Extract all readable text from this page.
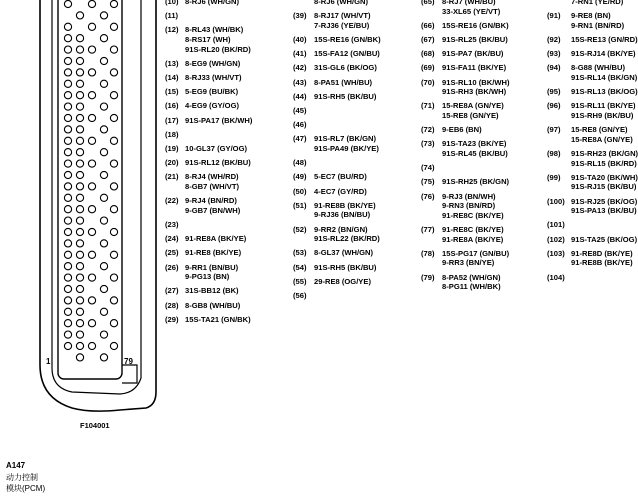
1	79
F104001
(10) 8-RJ6 (WH/GN)
(11)
(12) 8-RL43 (WH/BK)
8-RS17 (WH)
91S-RL20 (BK/RD)
(13) 8-EG9 (WH/GN)
(14) 8-RJ33 (WH/VT)
(15) 5-EG9 (BU/BK)
(16) 4-EG9 (GY/OG)
(17) 91S-PA17 (BK/WH)
(18)
(19) 10-GL37 (GY/OG)
(20) 91S-RL12 (BK/BU)
(21) 8-RJ4 (WH/RD)
8-GB7 (WH/VT)
(22) 9-RJ4 (BN/RD)
9-GB7 (BN/WH)
(23)
(24) 91-RE8A (BK/YE)
(25) 91-RE8 (BK/YE)
(26) 9-RR1 (BN/BU)
9-PG13 (BN)
(27) 31S-BB12 (BK)
(28) 8-GB8 (WH/BU)
(29) 15S-TA21 (GN/BK)
8-RJ6 (WH/GN)
(39) 8-RJ17 (WH/VT)
7-RJ36 (YE/BU)
(40) 15S-RE16 (GN/BK)
(41) 15S-FA12 (GN/BU)
(42) 31S-GL6 (BK/OG)
(43) 8-PA51 (WH/BU)
(44) 91S-RH5 (BK/BU)
(45)
(46)
(47) 91S-RL7 (BK/GN)
91S-PA49 (BK/YE)
(48)
(49) 5-EC7 (BU/RD)
(50) 4-EC7 (GY/RD)
(51) 91-RE8B (BK/YE)
9-RJ36 (BN/BU)
(52) 9-RR2 (BN/GN)
91S-RL22 (BK/RD)
(53) 8-GL37 (WH/GN)
(54) 91S-RH5 (BK/BU)
(55) 29-RE8 (OG/YE)
(56)
(65) 8-RJ7 (WH/BU)
33-XL65 (YE/VT)
(66) 15S-RE16 (GN/BK)
(67) 91S-RL25 (BK/BU)
(68) 91S-PA7 (BK/BU)
(69) 91S-FA11 (BK/YE)
(70) 91S-RL10 (BK/WH)
91S-RH3 (BK/WH)
(71) 15-RE8A (GN/YE)
15-RE8 (GN/YE)
(72) 9-EB6 (BN)
(73) 91S-TA23 (BK/YE)
91S-RL45 (BK/BU)
(74)
(75) 91S-RH25 (BK/GN)
(76) 9-RJ3 (BN/WH)
9-RN3 (BN/RD)
91-RE8C (BK/YE)
(77) 91-RE8C (BK/YE)
91-RE8A (BK/YE)
(78) 15S-PG17 (GN/BU)
9-RR3 (BN/YE)
(79) 8-PA52 (WH/GN)
8-PG11 (WH/BK)
7-RN1 (YE/RD)
(91) 9-RE8 (BN)
9-RN1 (BN/RD)
(92) 15S-RE13 (GN/RD)
(93) 91S-RJ14 (BK/YE)
(94) 8-G88 (WH/BU)
91S-RL14 (BK/GN)
(95) 91S-RL13 (BK/OG)
(96) 91S-RL11 (BK/YE)
91S-RH9 (BK/BU)
(97) 15-RE8 (GN/YE)
15-RE8A (GN/YE)
(98) 91S-RH23 (BK/GN)
91S-RL15 (BK/RD)
(99) 91S-TA20 (BK/WH)
91S-RJ15 (BK/BU)
(100) 91S-RJ25 (BK/OG)
91S-PA13 (BK/BU)
(101)
(102) 91S-TA25 (BK/OG)
(103) 91-RE8D (BK/YE)
91-RE8B (BK/YE)
(104)
A147
动力控制
模块(PCM)
